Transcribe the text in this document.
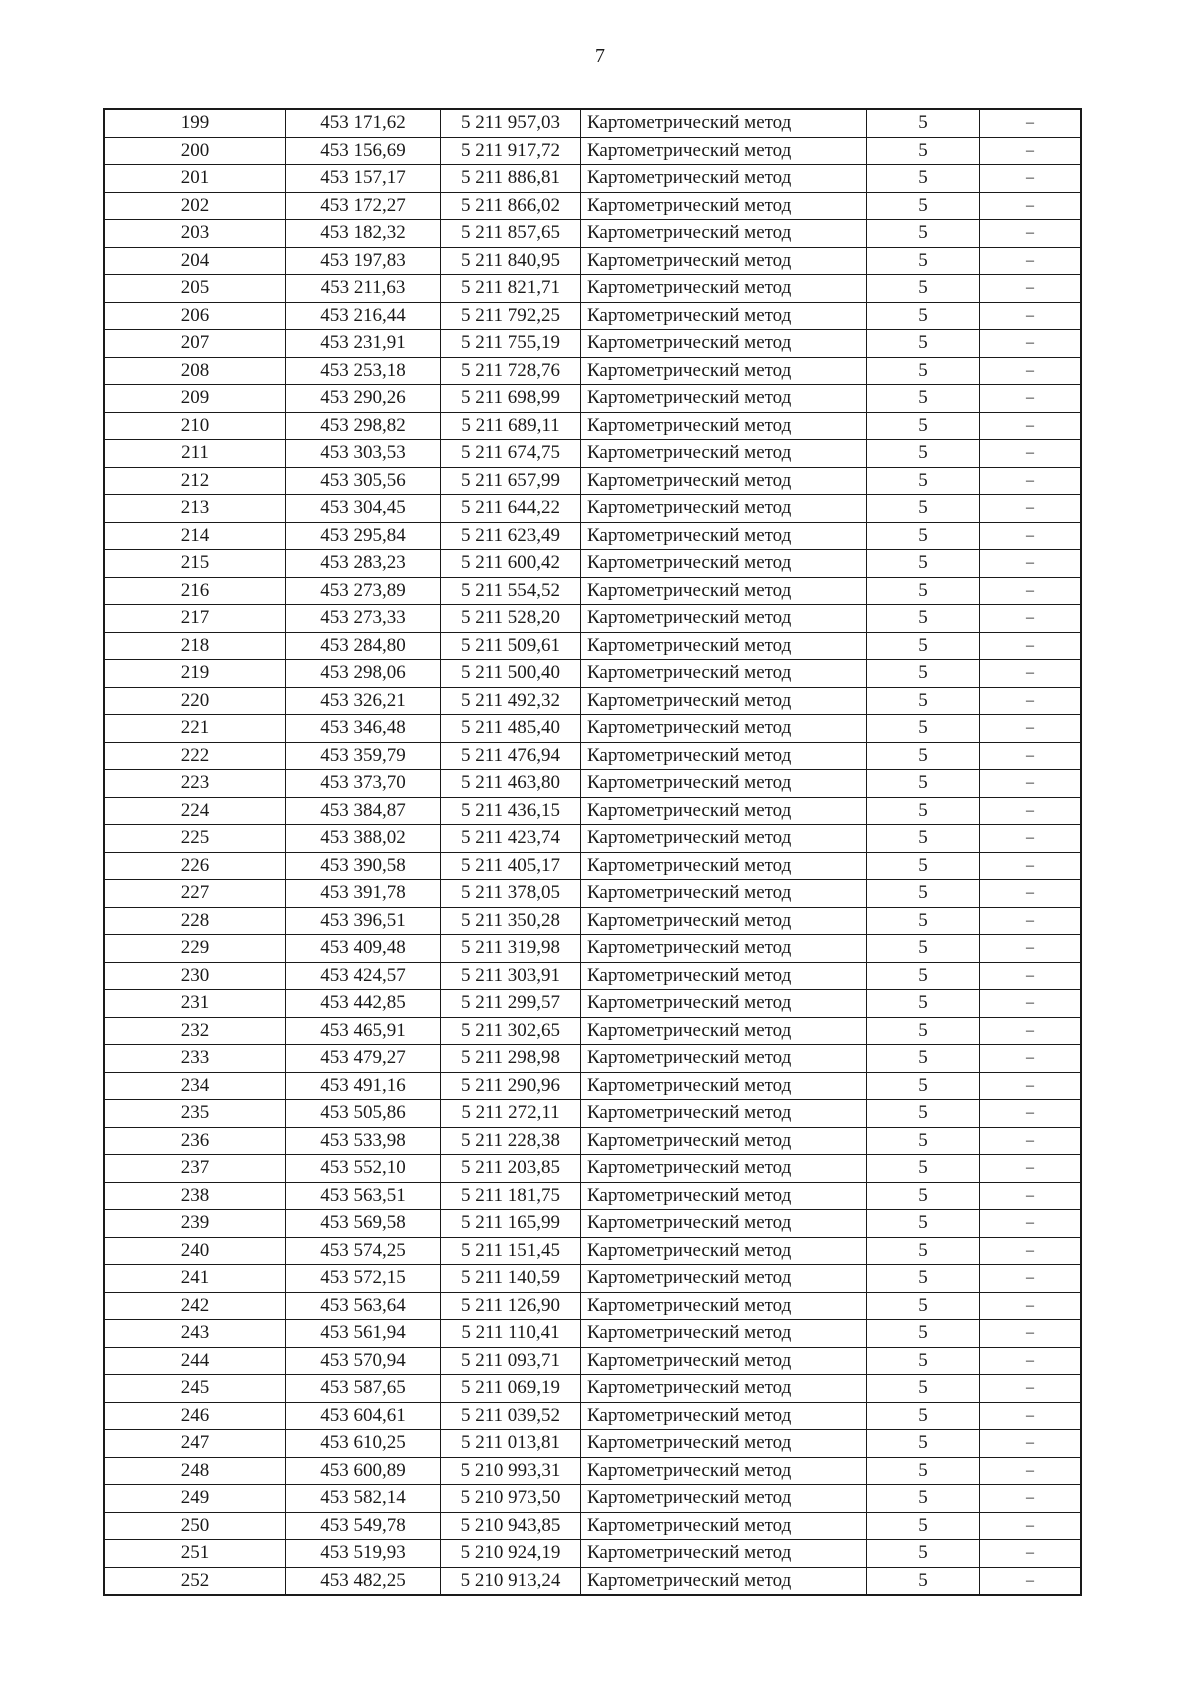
7
199	453 171,62	5 211 957,03	Картометрический метод	5	–
200	453 156,69	5 211 917,72	Картометрический метод	5	–
201	453 157,17	5 211 886,81	Картометрический метод	5	–
202	453 172,27	5 211 866,02	Картометрический метод	5	–
203	453 182,32	5 211 857,65	Картометрический метод	5	–
204	453 197,83	5 211 840,95	Картометрический метод	5	–
205	453 211,63	5 211 821,71	Картометрический метод	5	–
206	453 216,44	5 211 792,25	Картометрический метод	5	–
207	453 231,91	5 211 755,19	Картометрический метод	5	–
208	453 253,18	5 211 728,76	Картометрический метод	5	–
209	453 290,26	5 211 698,99	Картометрический метод	5	–
210	453 298,82	5 211 689,11	Картометрический метод	5	–
211	453 303,53	5 211 674,75	Картометрический метод	5	–
212	453 305,56	5 211 657,99	Картометрический метод	5	–
213	453 304,45	5 211 644,22	Картометрический метод	5	–
214	453 295,84	5 211 623,49	Картометрический метод	5	–
215	453 283,23	5 211 600,42	Картометрический метод	5	–
216	453 273,89	5 211 554,52	Картометрический метод	5	–
217	453 273,33	5 211 528,20	Картометрический метод	5	–
218	453 284,80	5 211 509,61	Картометрический метод	5	–
219	453 298,06	5 211 500,40	Картометрический метод	5	–
220	453 326,21	5 211 492,32	Картометрический метод	5	–
221	453 346,48	5 211 485,40	Картометрический метод	5	–
222	453 359,79	5 211 476,94	Картометрический метод	5	–
223	453 373,70	5 211 463,80	Картометрический метод	5	–
224	453 384,87	5 211 436,15	Картометрический метод	5	–
225	453 388,02	5 211 423,74	Картометрический метод	5	–
226	453 390,58	5 211 405,17	Картометрический метод	5	–
227	453 391,78	5 211 378,05	Картометрический метод	5	–
228	453 396,51	5 211 350,28	Картометрический метод	5	–
229	453 409,48	5 211 319,98	Картометрический метод	5	–
230	453 424,57	5 211 303,91	Картометрический метод	5	–
231	453 442,85	5 211 299,57	Картометрический метод	5	–
232	453 465,91	5 211 302,65	Картометрический метод	5	–
233	453 479,27	5 211 298,98	Картометрический метод	5	–
234	453 491,16	5 211 290,96	Картометрический метод	5	–
235	453 505,86	5 211 272,11	Картометрический метод	5	–
236	453 533,98	5 211 228,38	Картометрический метод	5	–
237	453 552,10	5 211 203,85	Картометрический метод	5	–
238	453 563,51	5 211 181,75	Картометрический метод	5	–
239	453 569,58	5 211 165,99	Картометрический метод	5	–
240	453 574,25	5 211 151,45	Картометрический метод	5	–
241	453 572,15	5 211 140,59	Картометрический метод	5	–
242	453 563,64	5 211 126,90	Картометрический метод	5	–
243	453 561,94	5 211 110,41	Картометрический метод	5	–
244	453 570,94	5 211 093,71	Картометрический метод	5	–
245	453 587,65	5 211 069,19	Картометрический метод	5	–
246	453 604,61	5 211 039,52	Картометрический метод	5	–
247	453 610,25	5 211 013,81	Картометрический метод	5	–
248	453 600,89	5 210 993,31	Картометрический метод	5	–
249	453 582,14	5 210 973,50	Картометрический метод	5	–
250	453 549,78	5 210 943,85	Картометрический метод	5	–
251	453 519,93	5 210 924,19	Картометрический метод	5	–
252	453 482,25	5 210 913,24	Картометрический метод	5	–
